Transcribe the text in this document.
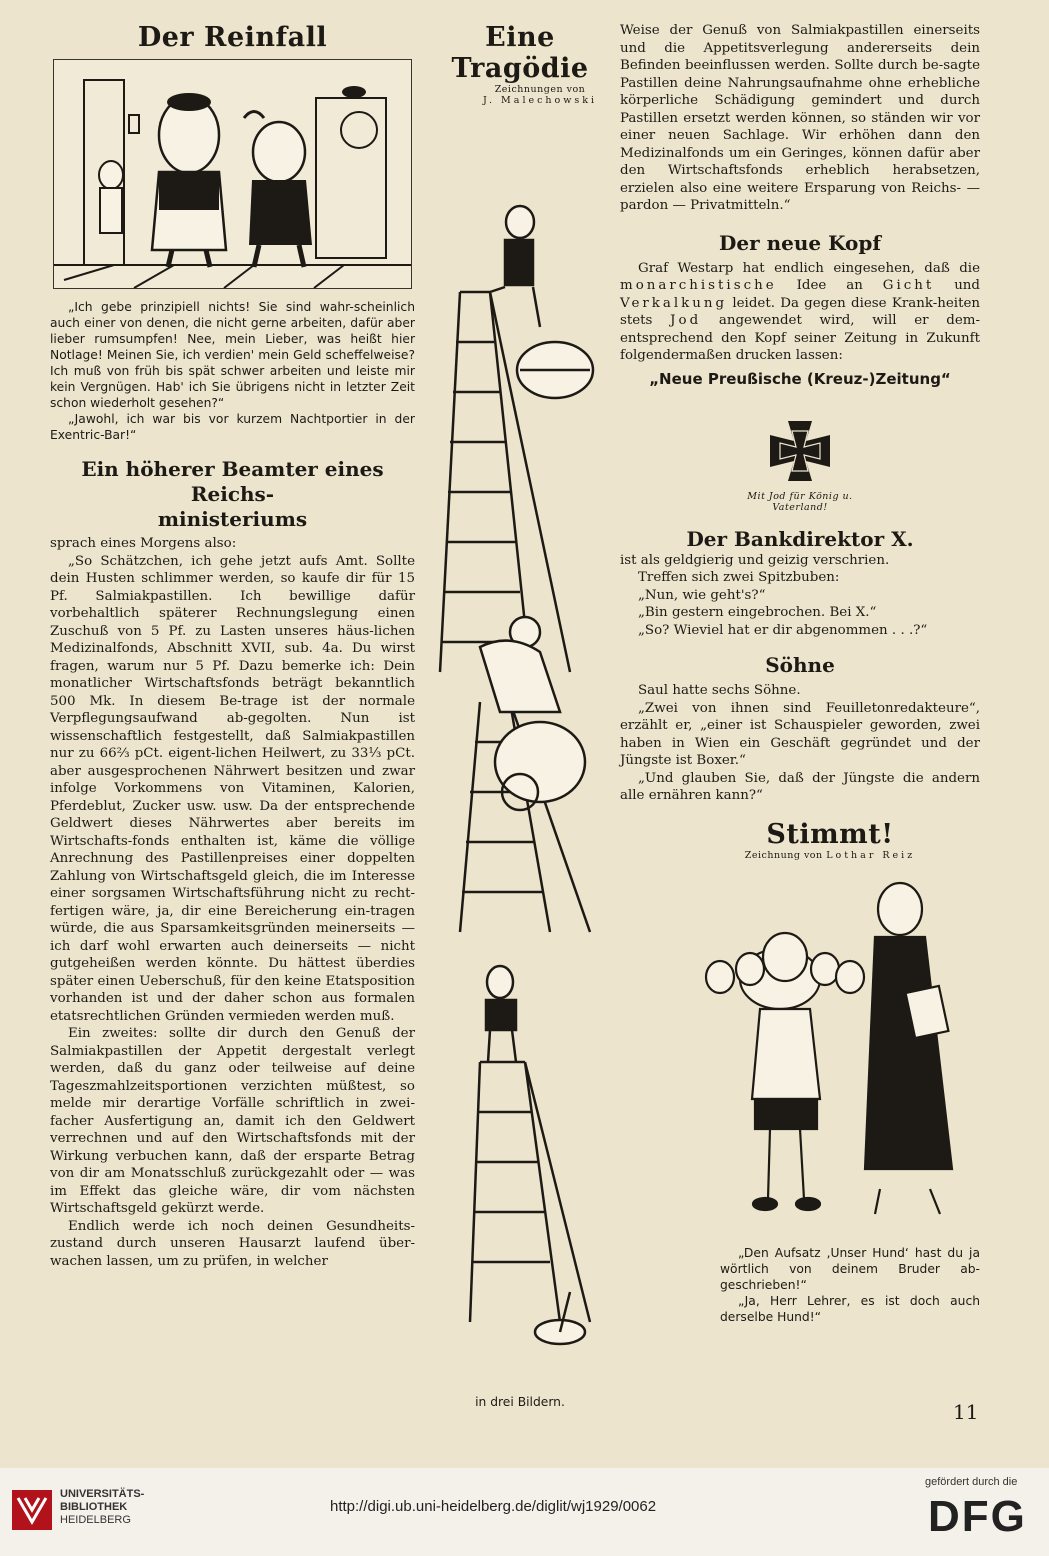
Der Reinfall

„Ich gebe prinzipiell nichts! Sie sind wahr-scheinlich auch einer von denen, die nicht gerne arbeiten, dafür aber lieber rumsumpfen! Nee, mein Lieber, was heißt hier Notlage! Meinen Sie, ich verdien' mein Geld scheffelweise? Ich muß von früh bis spät schwer arbeiten und leiste mir kein Vergnügen. Hab' ich Sie übrigens nicht in letzter Zeit schon wiederholt gesehen?“

„Jawohl, ich war bis vor kurzem Nachtportier in der Exentric-Bar!“

Ein höherer Beamter eines Reichs-
ministeriums

sprach eines Morgens also:

„So Schätzchen, ich gehe jetzt aufs Amt. Sollte dein Husten schlimmer werden, so kaufe dir für 15 Pf. Salmiakpastillen. Ich bewillige dafür vorbehaltlich späterer Rechnungslegung einen Zuschuß von 5 Pf. zu Lasten unseres häus-lichen Medizinalfonds, Abschnitt XVII, sub. 4a. Du wirst fragen, warum nur 5 Pf. Dazu bemerke ich: Dein monatlicher Wirtschaftsfonds beträgt bekanntlich 500 Mk. In diesem Be-trage ist der normale Verpflegungsaufwand ab-gegolten. Nun ist wissenschaftlich festgestellt, daß Salmiakpastillen nur zu 66⅔ pCt. eigent-lichen Heilwert, zu 33⅓ pCt. aber ausgesprochenen Nährwert besitzen und zwar infolge Vorkommens von Vitaminen, Kalorien, Pferdeblut, Zucker usw. usw. Da der entsprechende Geldwert dieses Nährwertes aber bereits im Wirtschafts-fonds enthalten ist, käme die völlige Anrechnung des Pastillenpreises einer doppelten Zahlung von Wirtschaftsgeld gleich, die im Interesse einer sorgsamen Wirtschaftsführung nicht zu recht-fertigen wäre, ja, dir eine Bereicherung ein-tragen würde, die aus Sparsamkeitsgründen meinerseits — ich darf wohl erwarten auch deinerseits — nicht gutgeheißen werden könnte. Du hättest überdies später einen Ueberschuß, für den keine Etatsposition vorhanden ist und der daher schon aus formalen etatsrechtlichen Gründen vermieden werden muß.

Ein zweites: sollte dir durch den Genuß der Salmiakpastillen der Appetit dergestalt verlegt werden, daß du ganz oder teilweise auf deine Tageszmahlzeitsportionen verzichten müßtest, so melde mir derartige Vorfälle schriftlich in zwei-facher Ausfertigung an, damit ich den Geldwert verrechnen und auf den Wirtschaftsfonds mit der Wirkung verbuchen kann, daß der ersparte Betrag von dir am Monatsschluß zurückgezahlt oder — was im Effekt das gleiche wäre, dir vom nächsten Wirtschaftsgeld gekürzt werde.

Endlich werde ich noch deinen Gesundheits-zustand durch unseren Hausarzt laufend über-wachen lassen, um zu prüfen, in welcher

Eine Tragödie
Zeichnungen von
J. Malechowski

in drei Bildern.

Weise der Genuß von Salmiakpastillen einerseits und die Appetitsverlegung andererseits dein Befinden beeinflussen werden. Sollte durch be-sagte Pastillen deine Nahrungsaufnahme ohne erhebliche körperliche Schädigung gemindert und durch Pastillen ersetzt werden können, so ständen wir vor einer neuen Sachlage. Wir erhöhen dann den Medizinalfonds um ein Geringes, können dafür aber den Wirtschaftsfonds erheblich herabsetzen, erzielen also eine weitere Ersparung von Reichs- — pardon — Privatmitteln.“

Der neue Kopf

Graf Westarp hat endlich eingesehen, daß die monarchistische Idee an Gicht und Verkalkung leidet. Da gegen diese Krank-heiten stets Jod angewendet wird, will er dem-entsprechend den Kopf seiner Zeitung in Zukunft folgendermaßen drucken lassen:

„Neue Preußische (Kreuz-)Zeitung“

Mit Jod für König u. Vaterland!
Der Bankdirektor X.

ist als geldgierig und geizig verschrien.

Treffen sich zwei Spitzbuben:

„Nun, wie geht's?“

„Bin gestern eingebrochen. Bei X.“

„So? Wieviel hat er dir abgenommen . . .?“

Söhne

Saul hatte sechs Söhne.

„Zwei von ihnen sind Feuilletonredakteure“, erzählt er, „einer ist Schauspieler geworden, zwei haben in Wien ein Geschäft gegründet und der Jüngste ist Boxer.“

„Und glauben Sie, daß der Jüngste die andern alle ernähren kann?“

Stimmt!
Zeichnung von Lothar Reiz

„Den Aufsatz ‚Unser Hund‘ hast du ja wörtlich von deinem Bruder ab-geschrieben!“

„Ja, Herr Lehrer, es ist doch auch derselbe Hund!“

11
UNIVERSITÄTS-
BIBLIOTHEK
HEIDELBERG
http://digi.ub.uni-heidelberg.de/diglit/wj1929/0062
gefördert durch die
DFG
